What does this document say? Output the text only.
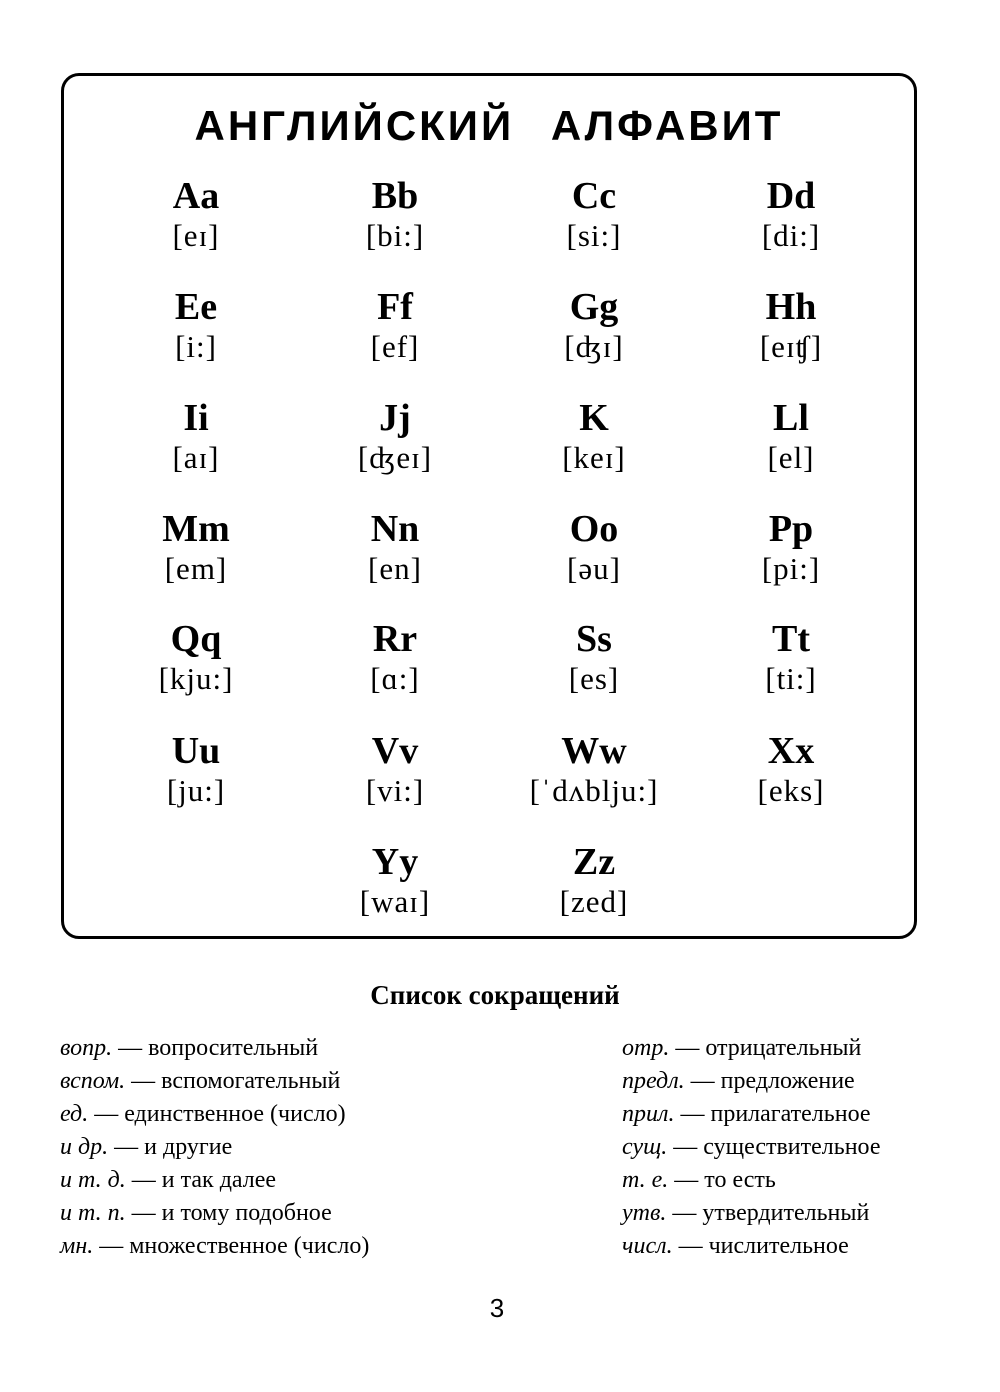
АНГЛИЙСКИЙ АЛФАВИТ
Aa
[eɪ]
Bb
[bi:]
Cc
[si:]
Dd
[di:]
Ee
[i:]
Ff
[ef]
Gg
[ʤɪ]
Hh
[eɪʧ]
Ii
[aɪ]
Jj
[ʤeɪ]
K
[keɪ]
Ll
[el]
Mm
[em]
Nn
[en]
Oo
[əu]
Pp
[pi:]
Qq
[kju:]
Rr
[ɑ:]
Ss
[es]
Tt
[ti:]
Uu
[ju:]
Vv
[vi:]
Ww
[ˈdʌblju:]
Xx
[eks]
Yy
[waɪ]
Zz
[zed]
Список сокращений
вопр. — вопросительный
вспом. — вспомогательный
ед. — единственное (число)
и др. — и другие
и т. д. — и так далее
и т. п. — и тому подобное
мн. — множественное (число)
отр. — отрицательный
предл. — предложение
прил. — прилагательное
сущ. — существительное
т. е. — то есть
утв. — утвердительный
числ. — числительное
3
